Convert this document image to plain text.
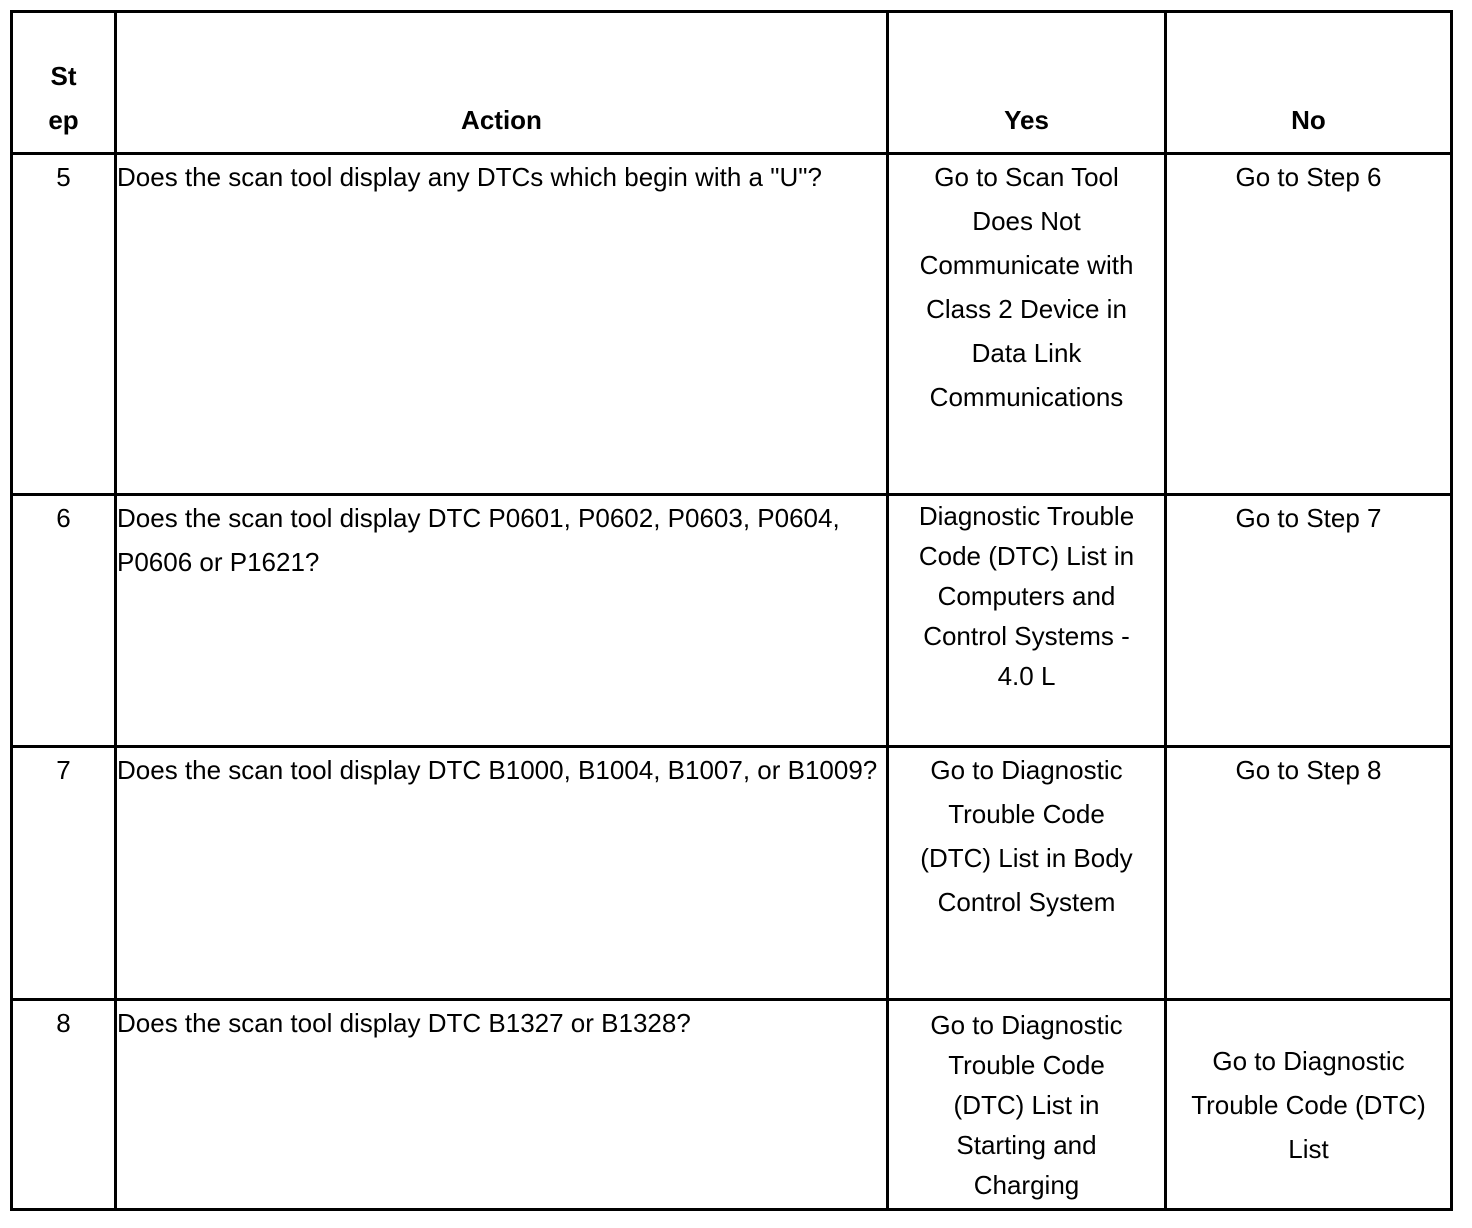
Step	Action	Yes	No
5	Does the scan tool display any DTCs which begin with a "U"?	Go to Scan Tool Does Not Communicate with Class 2 Device in Data Link Communications	Go to Step 6
6	Does the scan tool display DTC P0601, P0602, P0603, P0604, P0606 or P1621?	Diagnostic Trouble Code (DTC) List in Computers and Control Systems - 4.0 L	Go to Step 7
7	Does the scan tool display DTC B1000, B1004, B1007, or B1009?	Go to Diagnostic Trouble Code (DTC) List in Body Control System	Go to Step 8
8	Does the scan tool display DTC B1327 or B1328?	Go to Diagnostic Trouble Code (DTC) List in Starting and Charging	Go to Diagnostic Trouble Code (DTC) List
